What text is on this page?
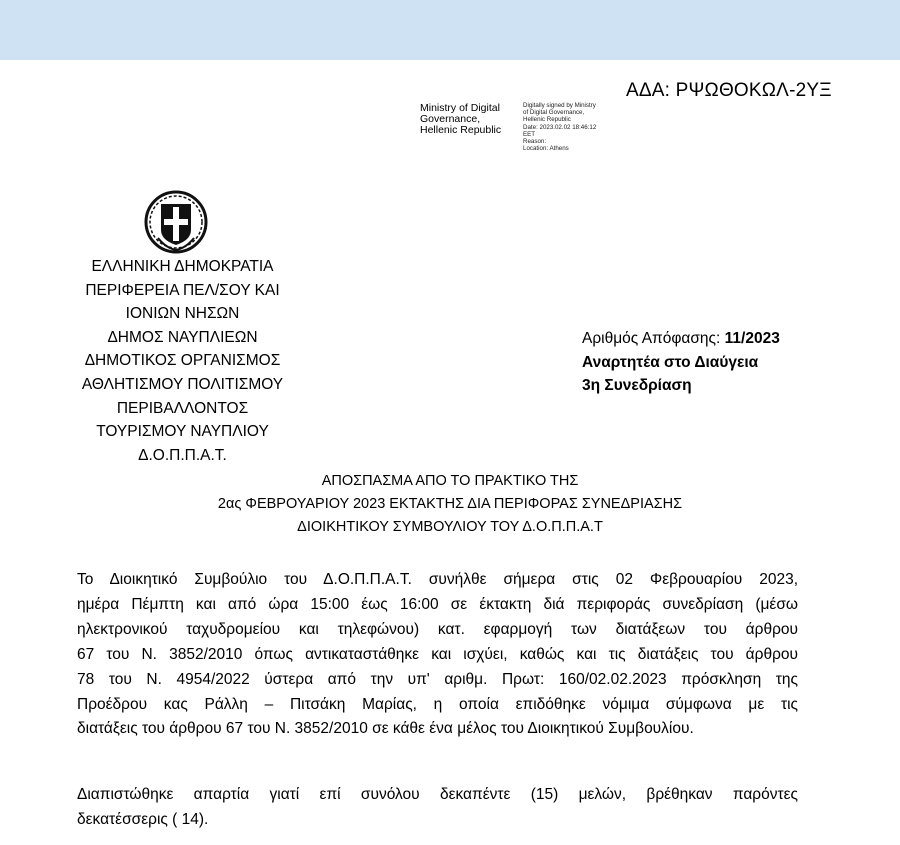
ΑΔΑ: ΡΨΩΘΟΚΩΛ-2ΥΞ
Ministry of Digital
Governance,
Hellenic Republic
Digitally signed by Ministry
of Digital Governance,
Hellenic Republic
Date: 2023.02.02 18:46:12
EET
Reason:
Location: Athens
ΕΛΛΗΝΙΚΗ ΔΗΜΟΚΡΑΤΙΑ
ΠΕΡΙΦΕΡΕΙΑ ΠΕΛ/ΣΟΥ ΚΑΙ
ΙΟΝΙΩΝ ΝΗΣΩΝ
ΔΗΜΟΣ ΝΑΥΠΛΙΕΩΝ
ΔΗΜΟΤΙΚΟΣ ΟΡΓΑΝΙΣΜΟΣ
ΑΘΛΗΤΙΣΜΟΥ ΠΟΛΙΤΙΣΜΟΥ
ΠΕΡΙΒΑΛΛΟΝΤΟΣ
ΤΟΥΡΙΣΜΟΥ ΝΑΥΠΛΙΟΥ
Δ.Ο.Π.Π.Α.Τ.
Αριθμός Απόφασης: 11/2023
Αναρτητέα στο Διαύγεια
3η Συνεδρίαση
ΑΠΟΣΠΑΣΜΑ ΑΠΟ ΤΟ ΠΡΑΚΤΙΚΟ ΤΗΣ
2ας ΦΕΒΡΟΥΑΡΙΟΥ 2023 ΕΚΤΑΚΤΗΣ ΔΙΑ ΠΕΡΙΦΟΡΑΣ ΣΥΝΕΔΡΙΑΣΗΣ
ΔΙΟΙΚΗΤΙΚΟΥ ΣΥΜΒΟΥΛΙΟΥ ΤΟΥ Δ.Ο.Π.Π.Α.Τ
Το Διοικητικό Συμβούλιο του Δ.Ο.Π.Π.Α.Τ. συνήλθε σήμερα στις 02 Φεβρουαρίου 2023,
ημέρα Πέμπτη και από ώρα 15:00 έως 16:00 σε έκτακτη διά περιφοράς συνεδρίαση (μέσω
ηλεκτρονικού ταχυδρομείου και τηλεφώνου) κατ. εφαρμογή των διατάξεων του άρθρου
67 του Ν. 3852/2010 όπως αντικαταστάθηκε και ισχύει, καθώς και τις διατάξεις του άρθρου
78 του Ν. 4954/2022 ύστερα από την υπ' αριθμ. Πρωτ: 160/02.02.2023 πρόσκληση της
Προέδρου κας Ράλλη – Πιτσάκη Μαρίας, η οποία επιδόθηκε νόμιμα σύμφωνα με τις
διατάξεις του άρθρου 67 του Ν. 3852/2010 σε κάθε ένα μέλος του Διοικητικού Συμβουλίου.
Διαπιστώθηκε απαρτία γιατί επί συνόλου δεκαπέντε (15) μελών, βρέθηκαν παρόντες
δεκατέσσερις ( 14).
